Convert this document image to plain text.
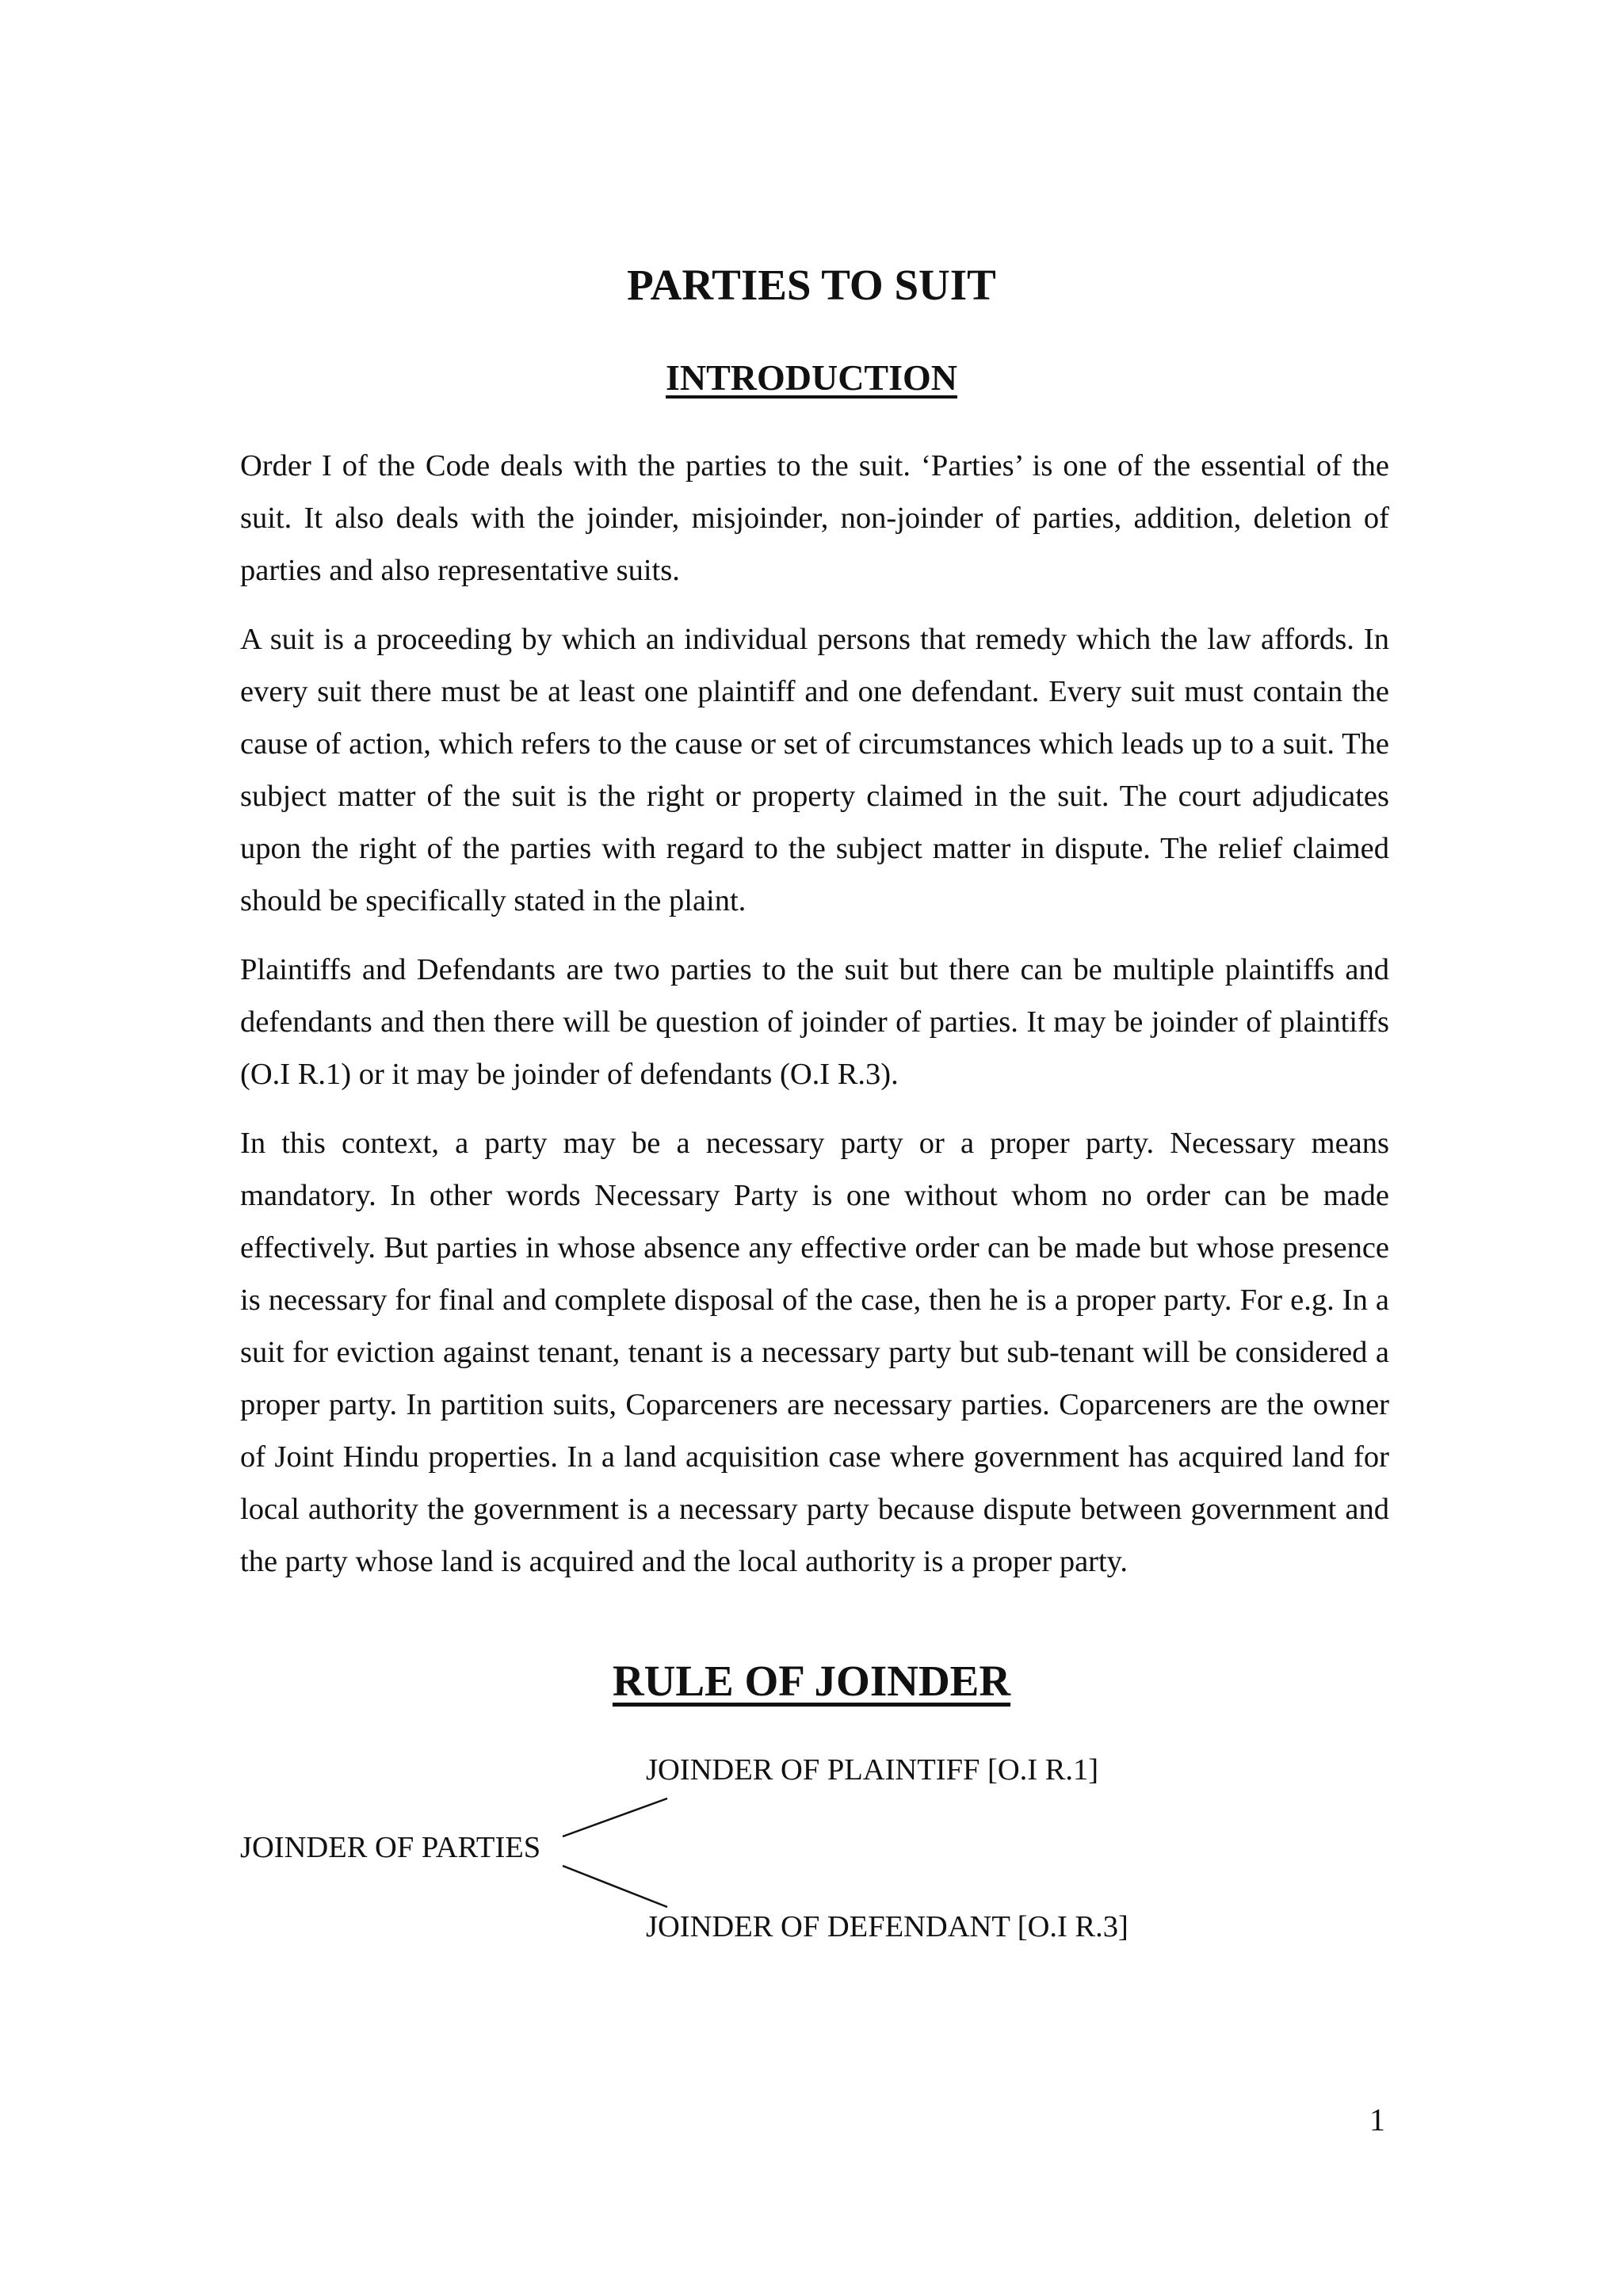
PARTIES TO SUIT
INTRODUCTION

Order I of the Code deals with the parties to the suit. ‘Parties’ is one of the essential of the suit. It also deals with the joinder, misjoinder, non-joinder of parties, addition, deletion of parties and also representative suits.

A suit is a proceeding by which an individual persons that remedy which the law affords. In every suit there must be at least one plaintiff and one defendant. Every suit must contain the cause of action, which refers to the cause or set of circumstances which leads up to a suit. The subject matter of the suit is the right or property claimed in the suit. The court adjudicates upon the right of the parties with regard to the subject matter in dispute. The relief claimed should be specifically stated in the plaint.

Plaintiffs and Defendants are two parties to the suit but there can be multiple plaintiffs and defendants and then there will be question of joinder of parties. It may be joinder of plaintiffs (O.I R.1) or it may be joinder of defendants (O.I R.3).

In this context, a party may be a necessary party or a proper party. Necessary means mandatory. In other words Necessary Party is one without whom no order can be made effectively. But parties in whose absence any effective order can be made but whose presence is necessary for final and complete disposal of the case, then he is a proper party. For e.g. In a suit for eviction against tenant, tenant is a necessary party but sub-tenant will be considered a proper party. In partition suits, Coparceners are necessary parties. Coparceners are the owner of Joint Hindu properties. In a land acquisition case where government has acquired land for local authority the government is a necessary party because dispute between government and the party whose land is acquired and the local authority is a proper party.

RULE OF JOINDER

JOINDER OF PLAINTIFF [O.I R.1]

JOINDER OF PARTIES

JOINDER OF DEFENDANT [O.I R.3]

1
